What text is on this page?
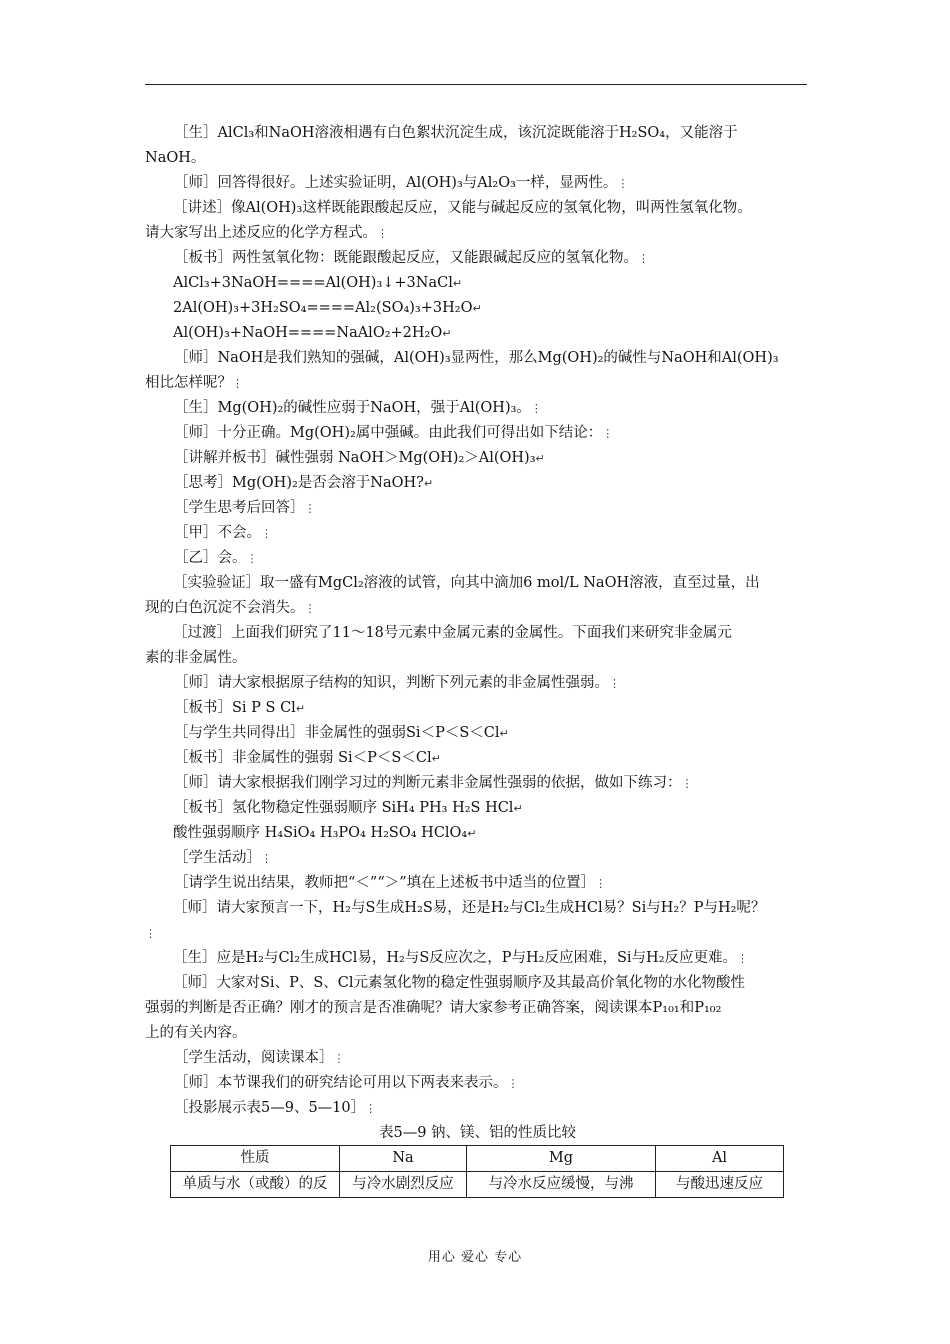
［生］AlCl₃和NaOH溶液相遇有白色絮状沉淀生成，该沉淀既能溶于H₂SO₄，又能溶于

NaOH。

［师］回答得很好。上述实验证明，Al(OH)₃与Al₂O₃一样，显两性。⋮

［讲述］像Al(OH)₃这样既能跟酸起反应，又能与碱起反应的氢氧化物，叫两性氢氧化物。

请大家写出上述反应的化学方程式。⋮

［板书］两性氢氧化物：既能跟酸起反应，又能跟碱起反应的氢氧化物。⋮

AlCl₃+3NaOH====Al(OH)₃↓+3NaCl↵

2Al(OH)₃+3H₂SO₄====Al₂(SO₄)₃+3H₂O↵

Al(OH)₃+NaOH====NaAlO₂+2H₂O↵

［师］NaOH是我们熟知的强碱，Al(OH)₃显两性，那么Mg(OH)₂的碱性与NaOH和Al(OH)₃

相比怎样呢？⋮

［生］Mg(OH)₂的碱性应弱于NaOH，强于Al(OH)₃。⋮

［师］十分正确。Mg(OH)₂属中强碱。由此我们可得出如下结论：⋮

［讲解并板书］碱性强弱 NaOH＞Mg(OH)₂＞Al(OH)₃↵

［思考］Mg(OH)₂是否会溶于NaOH?↵

［学生思考后回答］⋮

［甲］不会。⋮

［乙］会。⋮

［实验验证］取一盛有MgCl₂溶液的试管，向其中滴加6 mol/L NaOH溶液，直至过量，出

现的白色沉淀不会消失。⋮

［过渡］上面我们研究了11～18号元素中金属元素的金属性。下面我们来研究非金属元

素的非金属性。

［师］请大家根据原子结构的知识，判断下列元素的非金属性强弱。⋮

［板书］Si P S Cl↵

［与学生共同得出］非金属性的强弱Si＜P＜S＜Cl↵

［板书］非金属性的强弱 Si＜P＜S＜Cl↵

［师］请大家根据我们刚学习过的判断元素非金属性强弱的依据，做如下练习：⋮

［板书］氢化物稳定性强弱顺序 SiH₄ PH₃ H₂S HCl↵

酸性强弱顺序 H₄SiO₄ H₃PO₄ H₂SO₄ HClO₄↵

［学生活动］⋮

［请学生说出结果，教师把“＜”“＞”填在上述板书中适当的位置］⋮

［师］请大家预言一下，H₂与S生成H₂S易，还是H₂与Cl₂生成HCl易？Si与H₂？P与H₂呢？

⋮

［生］应是H₂与Cl₂生成HCl易，H₂与S反应次之，P与H₂反应困难，Si与H₂反应更难。⋮

［师］大家对Si、P、S、Cl元素氢化物的稳定性强弱顺序及其最高价氧化物的水化物酸性

强弱的判断是否正确？刚才的预言是否准确呢？请大家参考正确答案，阅读课本P₁₀₁和P₁₀₂

上的有关内容。

［学生活动，阅读课本］⋮

［师］本节课我们的研究结论可用以下两表来表示。⋮

［投影展示表5—9、5—10］⋮

表5—9 钠、镁、铝的性质比较

性质	Na	Mg	Al
单质与水（或酸）的反	与冷水剧烈反应	与冷水反应缓慢，与沸	与酸迅速反应
用心 爱心 专心
